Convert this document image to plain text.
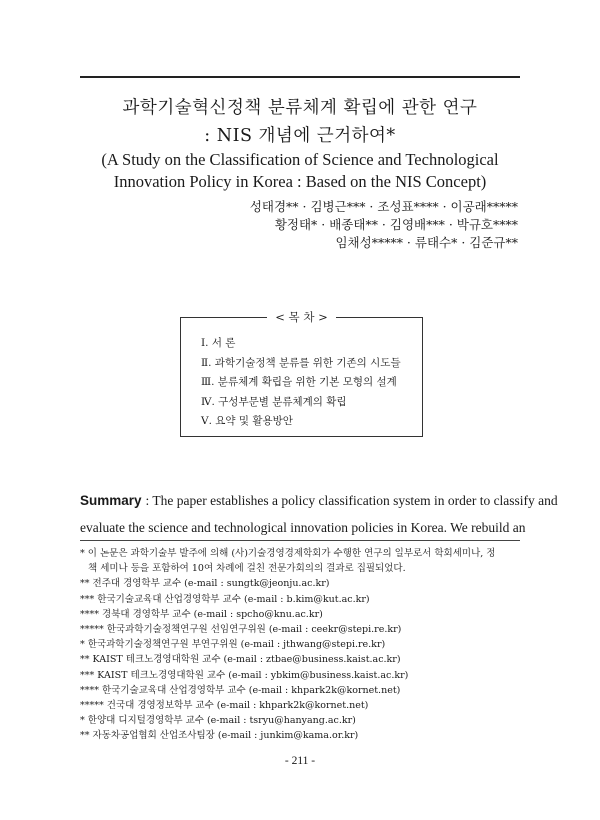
과학기술혁신정책 분류체계 확립에 관한 연구
: NIS 개념에 근거하여*
(A Study on the Classification of Science and Technological
Innovation Policy in Korea : Based on the NIS Concept)
성태경** · 김병근*** · 조성표**** · 이공래*****
황정태* · 배종태** · 김영배*** · 박규호****
임채성***** · 류태수* · 김준규**
< 목 차 >
Ⅰ. 서 론
Ⅱ. 과학기술정책 분류를 위한 기존의 시도들
Ⅲ. 분류체계 확립을 위한 기본 모형의 설계
Ⅳ. 구성부문별 분류체계의 확립
Ⅴ. 요약 및 활용방안
Summary : The paper establishes a policy classification system in order to classify and
evaluate the science and technological innovation policies in Korea. We rebuild an
* 이 논문은 과학기술부 발주에 의해 (사)기술경영경제학회가 수행한 연구의 일부로서 학회세미나, 정
책 세미나 등을 포함하여 10여 차례에 걸친 전문가회의의 결과로 집필되었다.
** 전주대 경영학부 교수 (e-mail : sungtk@jeonju.ac.kr)
*** 한국기술교육대 산업경영학부 교수 (e-mail : b.kim@kut.ac.kr)
**** 경북대 경영학부 교수 (e-mail : spcho@knu.ac.kr)
***** 한국과학기술정책연구원 선임연구위원 (e-mail : ceekr@stepi.re.kr)
* 한국과학기술정책연구원 부연구위원 (e-mail : jthwang@stepi.re.kr)
** KAIST 테크노경영대학원 교수 (e-mail : ztbae@business.kaist.ac.kr)
*** KAIST 테크노경영대학원 교수 (e-mail : ybkim@business.kaist.ac.kr)
**** 한국기술교육대 산업경영학부 교수 (e-mail : khpark2k@kornet.net)
***** 건국대 경영정보학부 교수 (e-mail : khpark2k@kornet.net)
* 한양대 디지털경영학부 교수 (e-mail : tsryu@hanyang.ac.kr)
** 자동차공업협회 산업조사팀장 (e-mail : junkim@kama.or.kr)
- 211 -
